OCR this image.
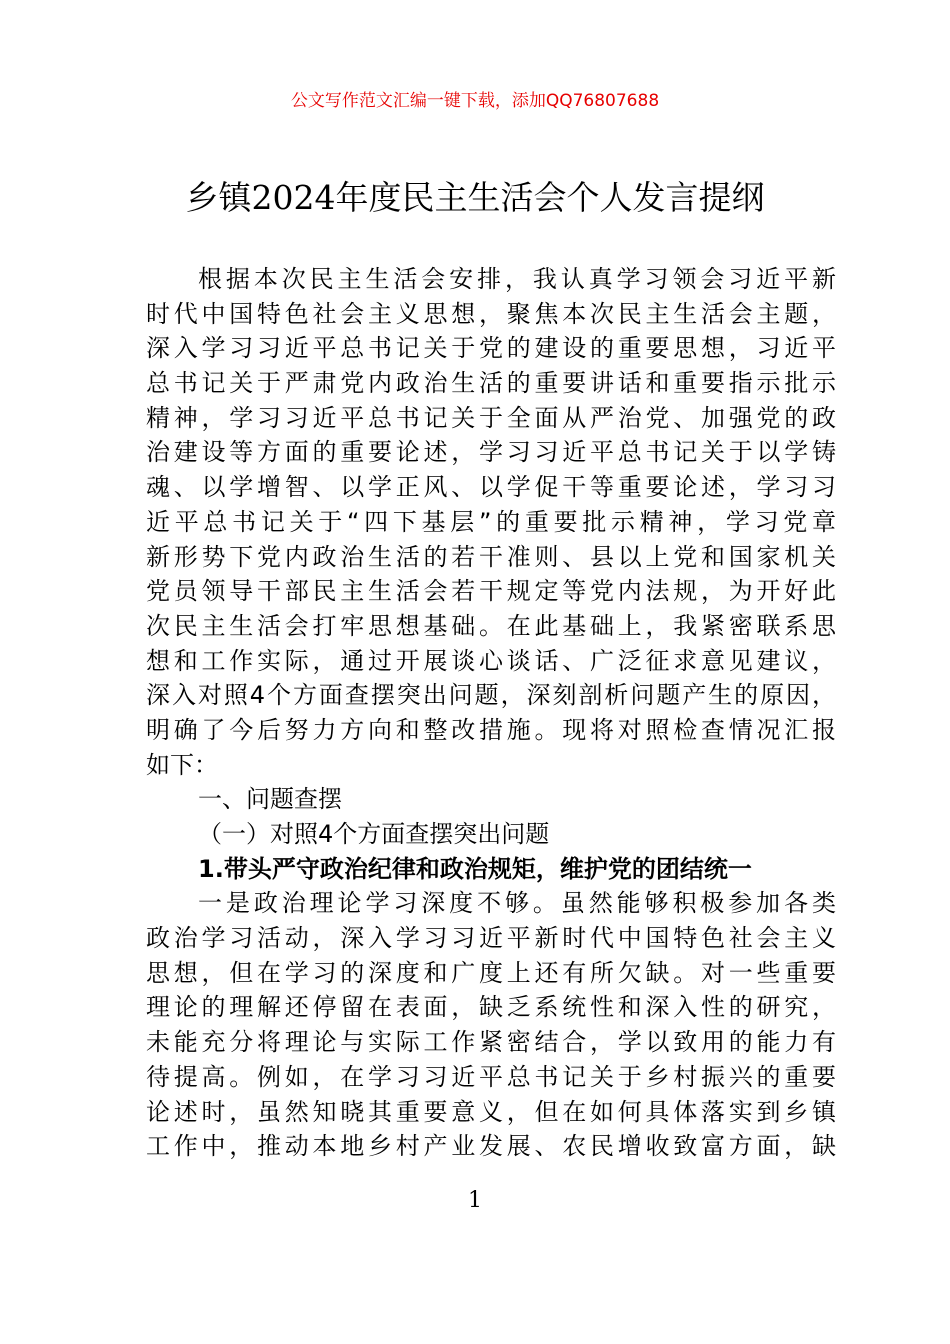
公文写作范文汇编一键下载，添加QQ76807688
乡镇2024年度民主生活会个人发言提纲
根据本次民主生活会安排，我认真学习领会习近平新
时代中国特色社会主义思想，聚焦本次民主生活会主题，
深入学习习近平总书记关于党的建设的重要思想，习近平
总书记关于严肃党内政治生活的重要讲话和重要指示批示
精神，学习习近平总书记关于全面从严治党、加强党的政
治建设等方面的重要论述，学习习近平总书记关于以学铸
魂、以学增智、以学正风、以学促干等重要论述，学习习
近平总书记关于“四下基层”的重要批示精神，学习党章
新形势下党内政治生活的若干准则、县以上党和国家机关
党员领导干部民主生活会若干规定等党内法规，为开好此
次民主生活会打牢思想基础。在此基础上，我紧密联系思
想和工作实际，通过开展谈心谈话、广泛征求意见建议，
深入对照4个方面查摆突出问题，深刻剖析问题产生的原因，
明确了今后努力方向和整改措施。现将对照检查情况汇报
如下：
一、问题查摆
（一）对照4个方面查摆突出问题
1.带头严守政治纪律和政治规矩，维护党的团结统一
一是政治理论学习深度不够。虽然能够积极参加各类
政治学习活动，深入学习习近平新时代中国特色社会主义
思想，但在学习的深度和广度上还有所欠缺。对一些重要
理论的理解还停留在表面，缺乏系统性和深入性的研究，
未能充分将理论与实际工作紧密结合，学以致用的能力有
待提高。例如，在学习习近平总书记关于乡村振兴的重要
论述时，虽然知晓其重要意义，但在如何具体落实到乡镇
工作中，推动本地乡村产业发展、农民增收致富方面，缺
1
